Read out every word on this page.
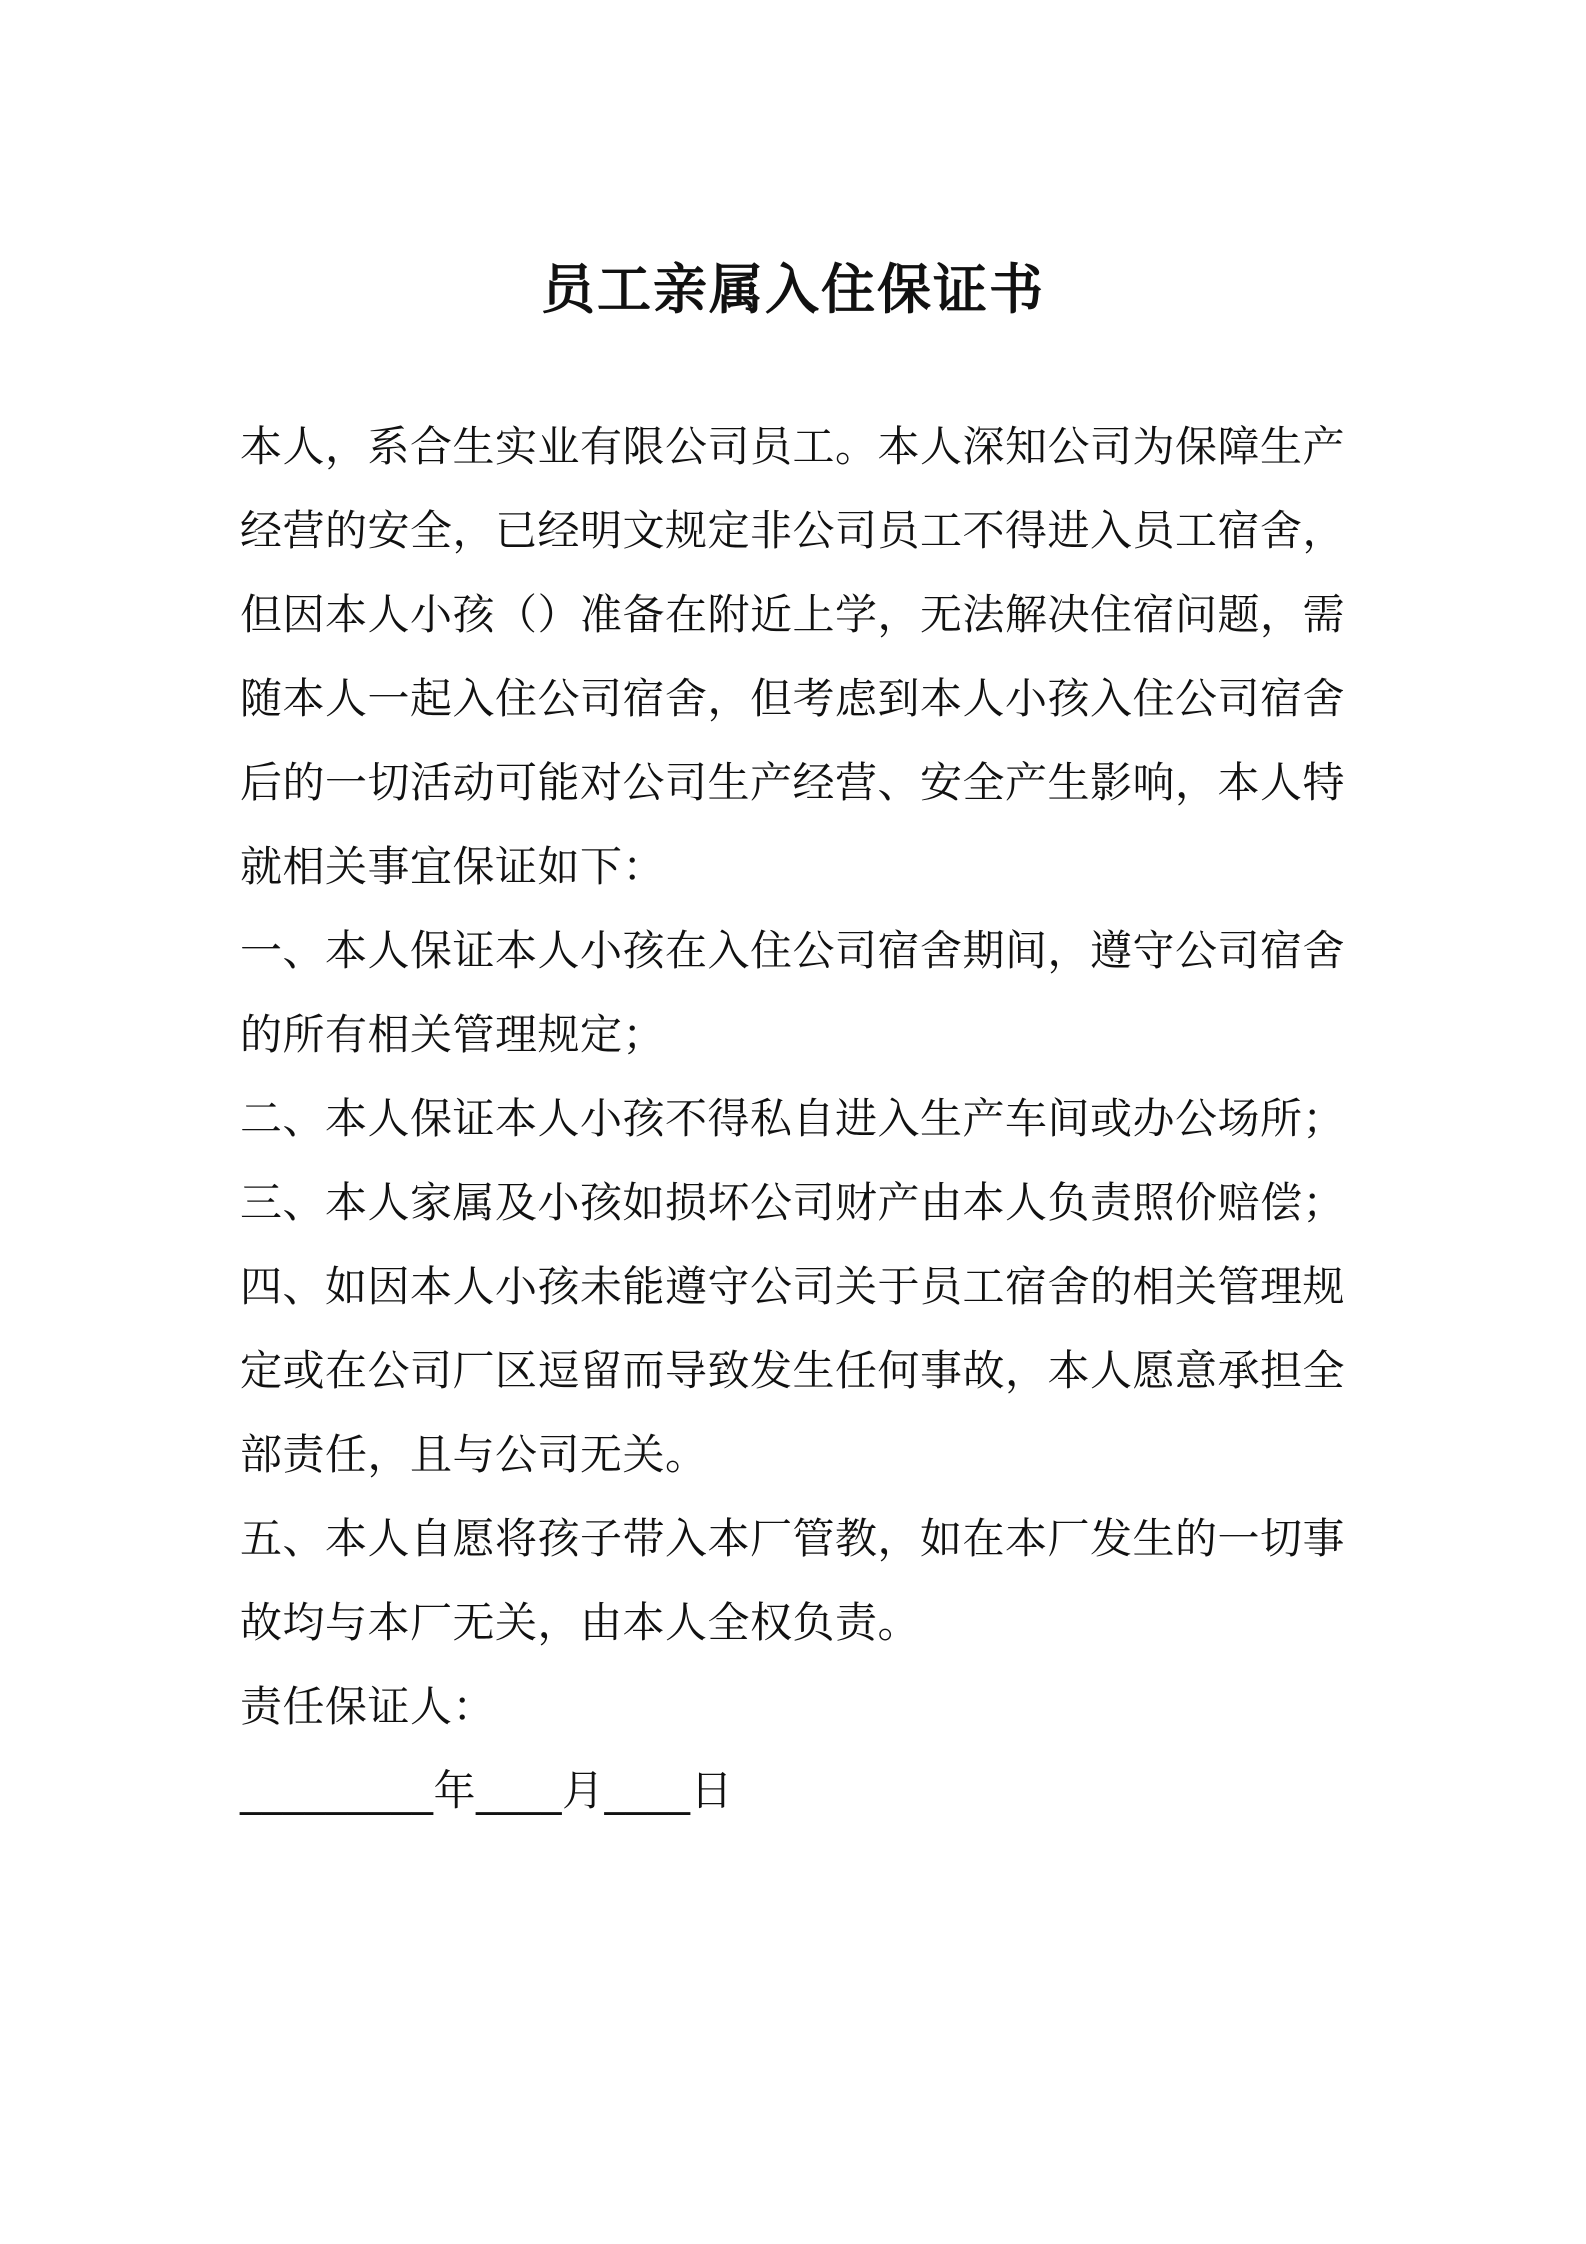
员工亲属入住保证书
本人，系合生实业有限公司员工。本人深知公司为保障生产
经营的安全，已经明文规定非公司员工不得进入员工宿舍，
但因本人小孩（）准备在附近上学，无法解决住宿问题，需
随本人一起入住公司宿舍，但考虑到本人小孩入住公司宿舍
后的一切活动可能对公司生产经营、安全产生影响，本人特
就相关事宜保证如下：
一、本人保证本人小孩在入住公司宿舍期间，遵守公司宿舍
的所有相关管理规定；
二、本人保证本人小孩不得私自进入生产车间或办公场所；
三、本人家属及小孩如损坏公司财产由本人负责照价赔偿；
四、如因本人小孩未能遵守公司关于员工宿舍的相关管理规
定或在公司厂区逗留而导致发生任何事故，本人愿意承担全
部责任，且与公司无关。
五、本人自愿将孩子带入本厂管教，如在本厂发生的一切事
故均与本厂无关，由本人全权负责。
责任保证人：
_________年____月____日
